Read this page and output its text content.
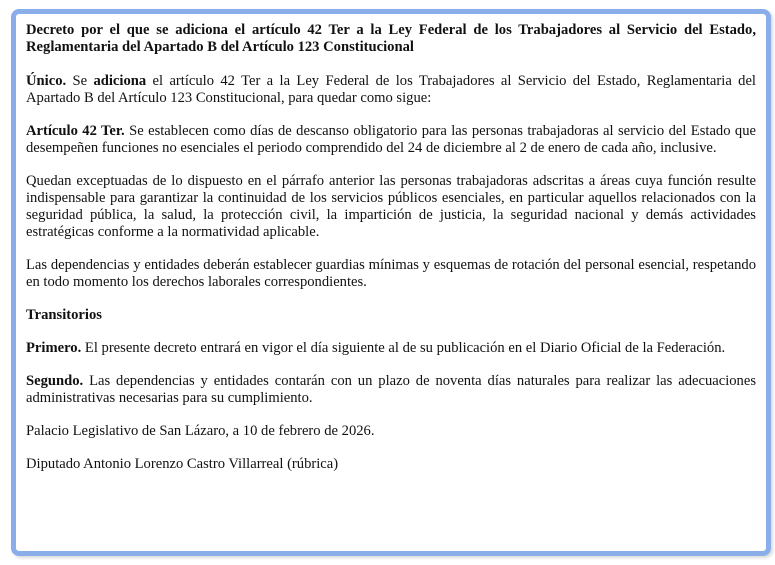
Decreto por el que se adiciona el artículo 42 Ter a la Ley Federal de los Trabajadores al Servicio del Estado, Reglamentaria del Apartado B del Artículo 123 Constitucional

Único. Se adiciona el artículo 42 Ter a la Ley Federal de los Trabajadores al Servicio del Estado, Reglamentaria del Apartado B del Artículo 123 Constitucional, para quedar como sigue:

Artículo 42 Ter. Se establecen como días de descanso obligatorio para las personas trabajadoras al servicio del Estado que desempeñen funciones no esenciales el periodo comprendido del 24 de diciembre al 2 de enero de cada año, inclusive.

Quedan exceptuadas de lo dispuesto en el párrafo anterior las personas trabajadoras adscritas a áreas cuya función resulte indispensable para garantizar la continuidad de los servicios públicos esenciales, en particular aquellos relacionados con la seguridad pública, la salud, la protección civil, la impartición de justicia, la seguridad nacional y demás actividades estratégicas conforme a la normatividad aplicable.

Las dependencias y entidades deberán establecer guardias mínimas y esquemas de rotación del personal esencial, respetando en todo momento los derechos laborales correspondientes.

Transitorios

Primero. El presente decreto entrará en vigor el día siguiente al de su publicación en el Diario Oficial de la Federación.

Segundo. Las dependencias y entidades contarán con un plazo de noventa días naturales para realizar las adecuaciones administrativas necesarias para su cumplimiento.

Palacio Legislativo de San Lázaro, a 10 de febrero de 2026.

Diputado Antonio Lorenzo Castro Villarreal (rúbrica)
